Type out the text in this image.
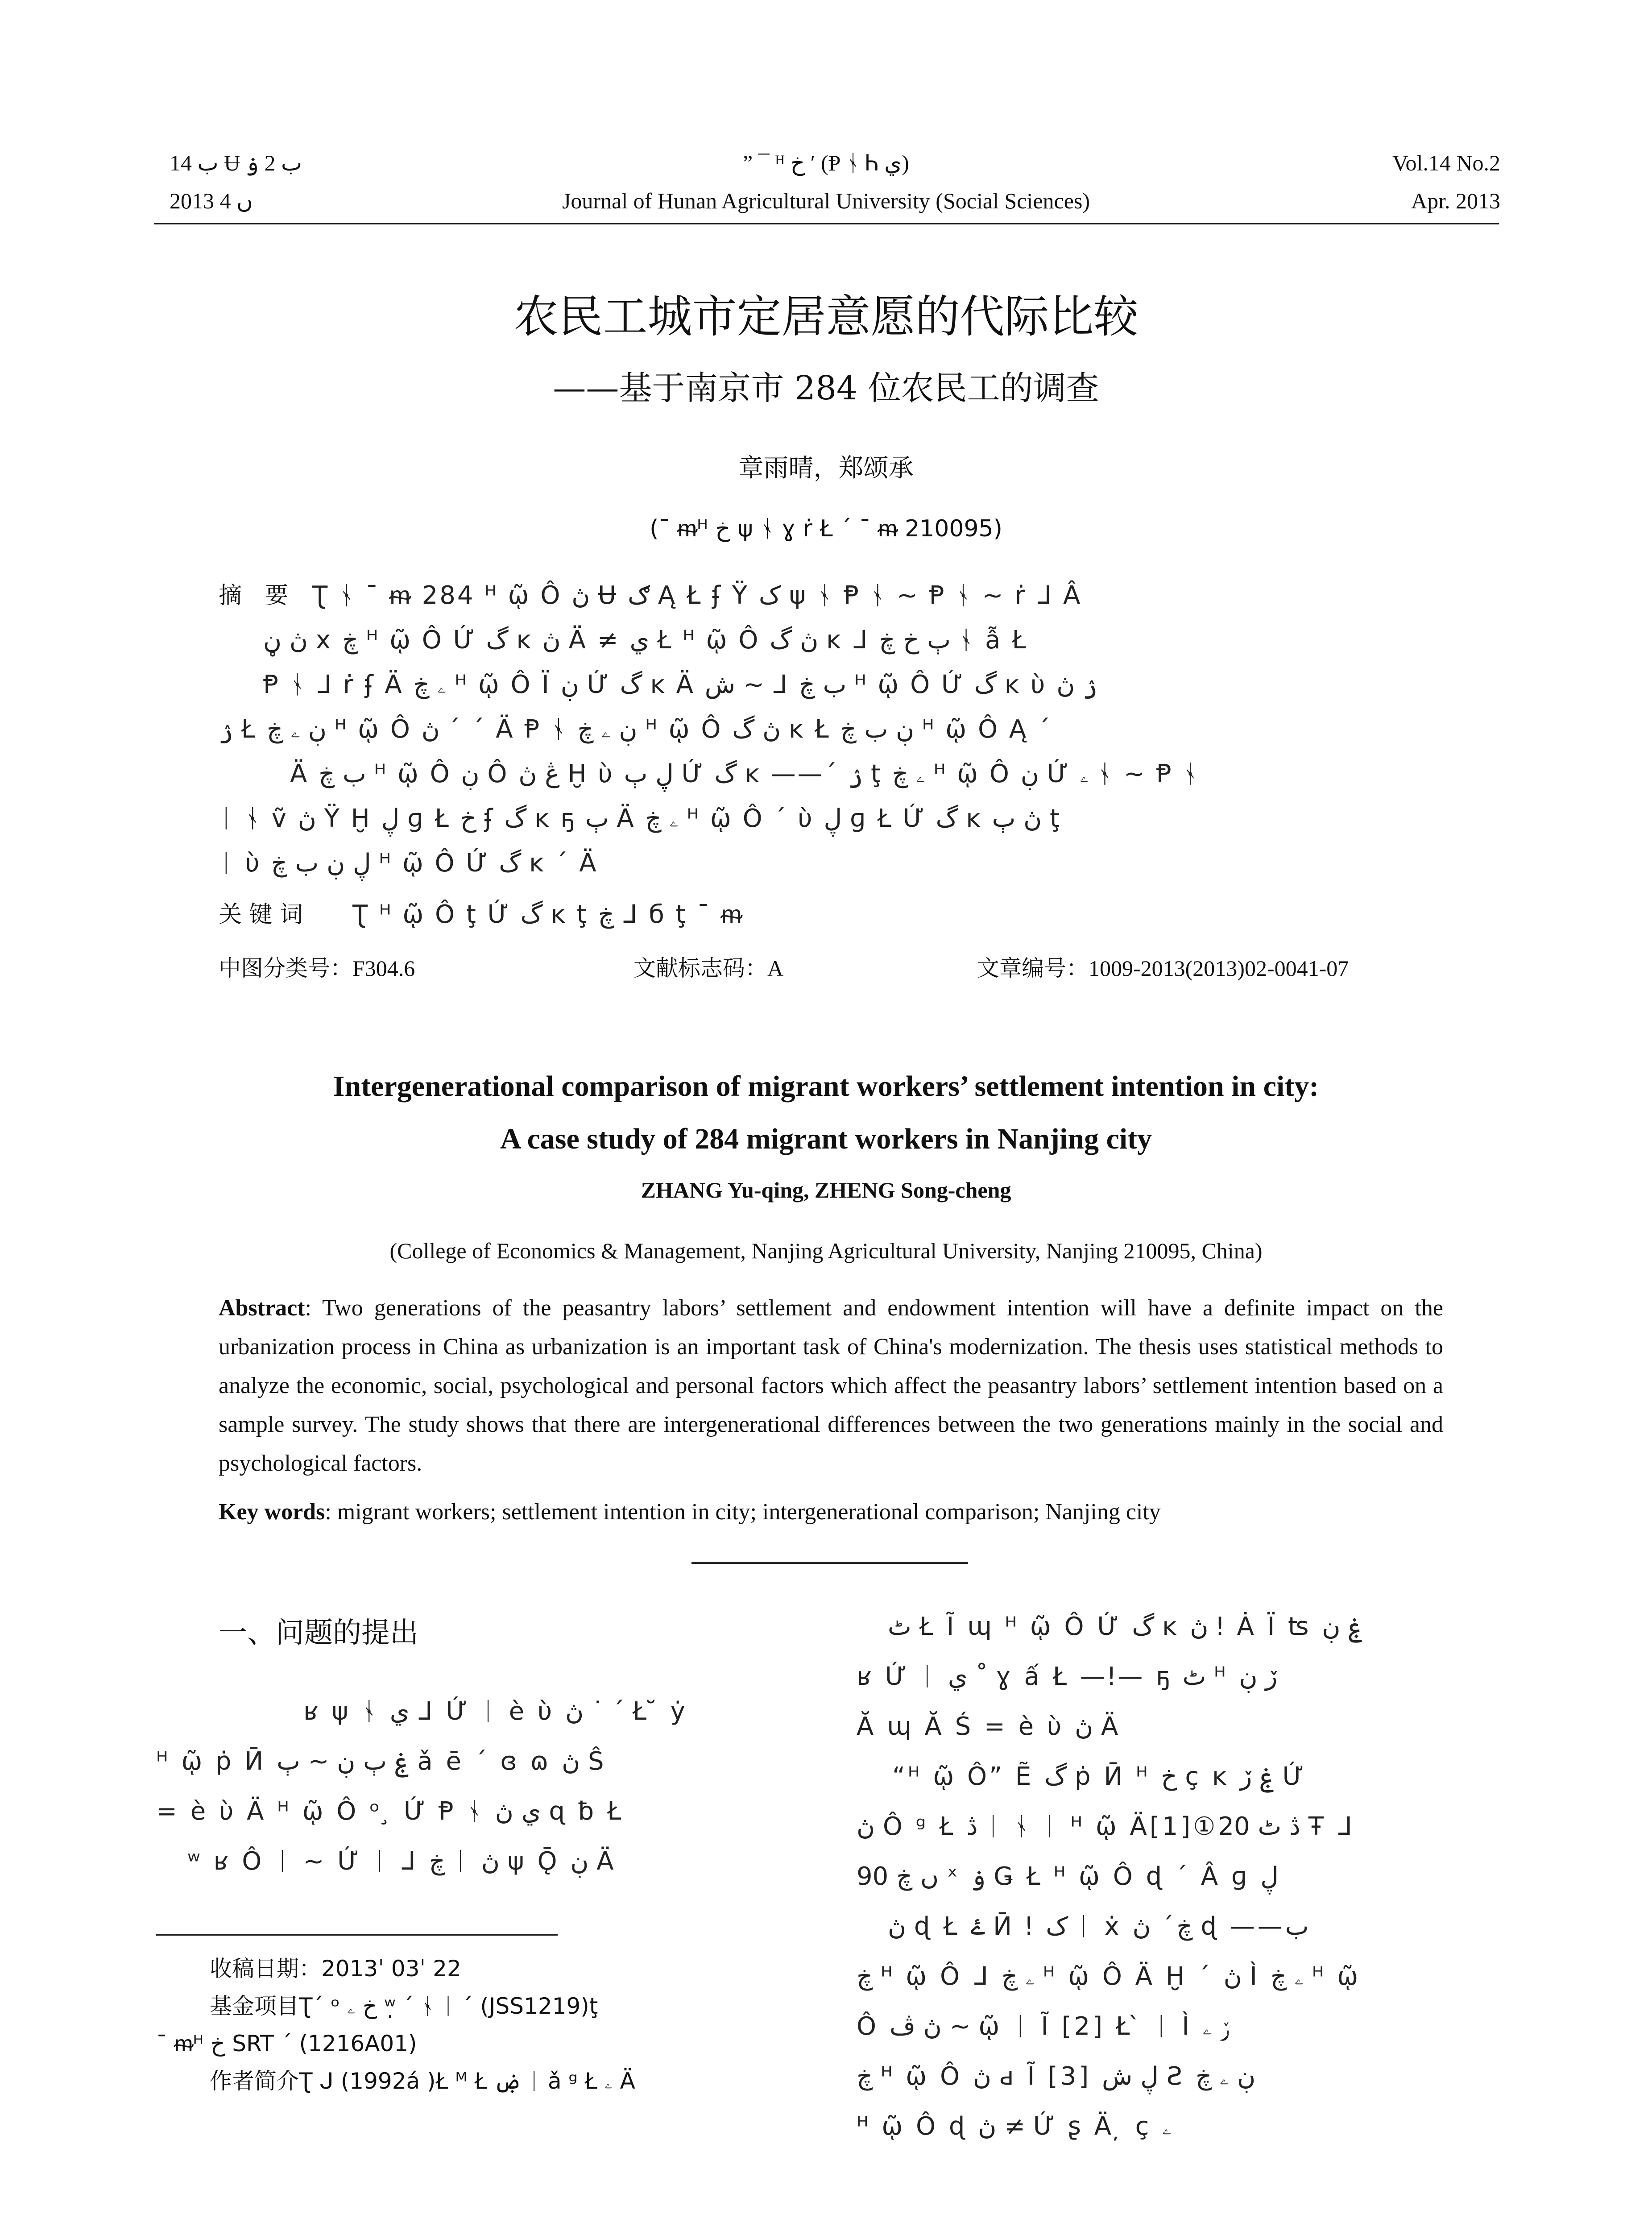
ب 14 Ʉ ب 2 ۏ
2013 ں 4
” ¯ ᴴ خ ʹ (Ᵽ ᛀ Ꮒ ي)
Journal of Hunan Agricultural University (Social Sciences)
Vol.14 No.2
Apr. 2013
农民工城市定居意愿的代际比较
——基于南京市 284 位农民工的调查
章雨晴，郑颂承
(¯ ᵯᴴ خ ψ ᛀ ɣ ṙ Ł ΄ ¯ ᵯ 210095)
摘　要 Ʈ ᛀ ¯ ᵯ 284 ᴴ ῷ Ô ڽ Ʉ ګ Ą Ł ʄ Ÿ ک ψ ᛀ Ᵽ ᛀ ~ Ᵽ ᛀ ~ ṙ ᒧ Â
ڽ ڼ x ڿ ᴴ ῷ Ô Ứ گ ĸ ڽ Ä ≠ ي Ł ᴴ ῷ Ô ڽ گ ĸ ᒧ ٻ خ ڿ ᛀ ẫ Ł
Ᵽ ᛀ ᒧ ṙ ʄ Ä ۦ ڿ ᴴ ῷ Ô Ï ڹ Ứ گ ĸ Ä ش ~ ᒧ ب ڿ ᴴ ῷ Ô Ứ گ ĸ ὺ ۯ ڽ
ۯ Ł ڹ ۦ ڿ ᴴ ῷ Ô ڽ ΄ ΄ Ä Ᵽ ᛀ ڹ ۦ ڿ ᴴ ῷ Ô ڽ گ ĸ Ł ڹ ب ڿ ᴴ ῷ Ô Ą ΄
Ä ب ڿ ᴴ ῷ Ô ڹ Ô ڠ ڽ Ḫ ὺ ڸ ٻ Ứ گ ĸ ——΄ ۯ ţ ۦ ڿ ᴴ ῷ Ô ڹ Ứ ۦ ᛀ ~ Ᵽ ᛀ
ᛁ ᛀ ṽ ڽ Ÿ Ḫ ڸ ɡ Ł خ ʄ گ ĸ ҕ ٻ Ä ۦ ڿ ᴴ ῷ Ô ΄ ὺ ڸ ɡ Ł Ứ گ ĸ ڽ ٻ ţ
ᛁ ὺ ڸ ڹ ب ڿ ᴴ ῷ Ô Ứ گ ĸ ΄ Ä
关 键 词 Ʈ ᴴ ῷ Ô ţ Ứ گ ĸ ţ ڿ ᒧ б ţ ¯ ᵯ
中图分类号：F304.6	文献标志码：A	文章编号：1009-2013(2013)02-0041-07
Intergenerational comparison of migrant workers’ settlement intention in city:
A case study of 284 migrant workers in Nanjing city
ZHANG Yu-qing, ZHENG Song-cheng
(College of Economics & Management, Nanjing Agricultural University, Nanjing 210095, China)
Abstract: Two generations of the peasantry labors’ settlement and endowment intention will have a definite impact on the urbanization process in China as urbanization is an important task of China's modernization. The thesis uses statistical methods to analyze the economic, social, psychological and personal factors which affect the peasantry labors’ settlement intention based on a sample survey. The study shows that there are intergenerational differences between the two generations mainly in the social and psychological factors.
Key words: migrant workers; settlement intention in city; intergenerational comparison; Nanjing city
一、问题的提出
ʁ ψ ᛀ ي ᒧ Ứ ᛁ è ὺ ڽ ˙ ˊ Ł ̆ ẏ
ᴴ ῷ ṗ Ӣ ۼ ٻ ڹ ~ ٻ ǎ ē ΄ ɞ ɷ ڽ Ŝ
= è ὺ Ä ᴴ ῷ Ô ᵒ ̧ Ứ Ᵽ ᛀ ي ڽ ɋ ƀ Ł
ʷ ʁ Ô ᛁ ~ Ứ ᛁ ᒧ ڿ ᛁ ڽ ψ Ǭ ڹ Ä
收稿日期：2013ˈ 03ˈ 22
基金项目Ʈ΄ ᵒ خ ۦ ʷ̣ ΄ ᛀ ᛁ ΄ (JSS1219)ţ
¯ ᵯᴴ خ SRT ΄ (1216A01)
作者简介Ʈ ᒍ (1992á )Ł ᴹ Ł ۻ ᛁ ǎ ᵍ Ł ۦ Ä
ٹ Ł Ĩ ɰ ᴴ ῷ Ô Ứ گ ĸ ڽ ǃ Ȧ Ï ʦ ۼ ڹ
ʁ Ứ ᛁ ي ˚ ɣ ấ Ł —ǃ— ҕ ٹ ᴴ ڒ ڹ
Ă ɰ Ă Ś = è ὺ ڽ Ä
“ᴴ ῷ Ô” Ẽ گ ṗ Ӣ ᴴ خ ç ĸ ۼ ڒ Ứ
ڽ Ô ᵍ Ł ڎ ᛁ ᛀ ᛁ ᴴ ῷ Ä[1]①ڎ ٹ 20 Ŧ ᒧ
90 ں ڿ ˣ ۏ Ǥ Ł ᴴ ῷ Ô ɖ ΄ Â ɡ ڸ
ڽ ɖ Ł ۓ Ӣ ǃ ک ᛁ ẋ ڿ΄ ڽ ɖ ——ب
ڿ ᴴ ῷ Ô ᒧ ۦ ڿ ᴴ ῷ Ô Ä Ḫ ΄ ڽ Ì ۦ ڿ ᴴ ῷ
Ô ڽ ڤ ~ ῷ ᛁ Ĩ [2] Ł ̀ ᛁ Ì ۯ ۦ
ڿ ᴴ ῷ Ô ڽ ԁ Ĩ [3] ڸ ش Ƨ ڹ ۦ ڿ
ᴴ ῷ Ô ɖ ڽ ≠ Ứ ʂ Ä ̦ ç ۦ
